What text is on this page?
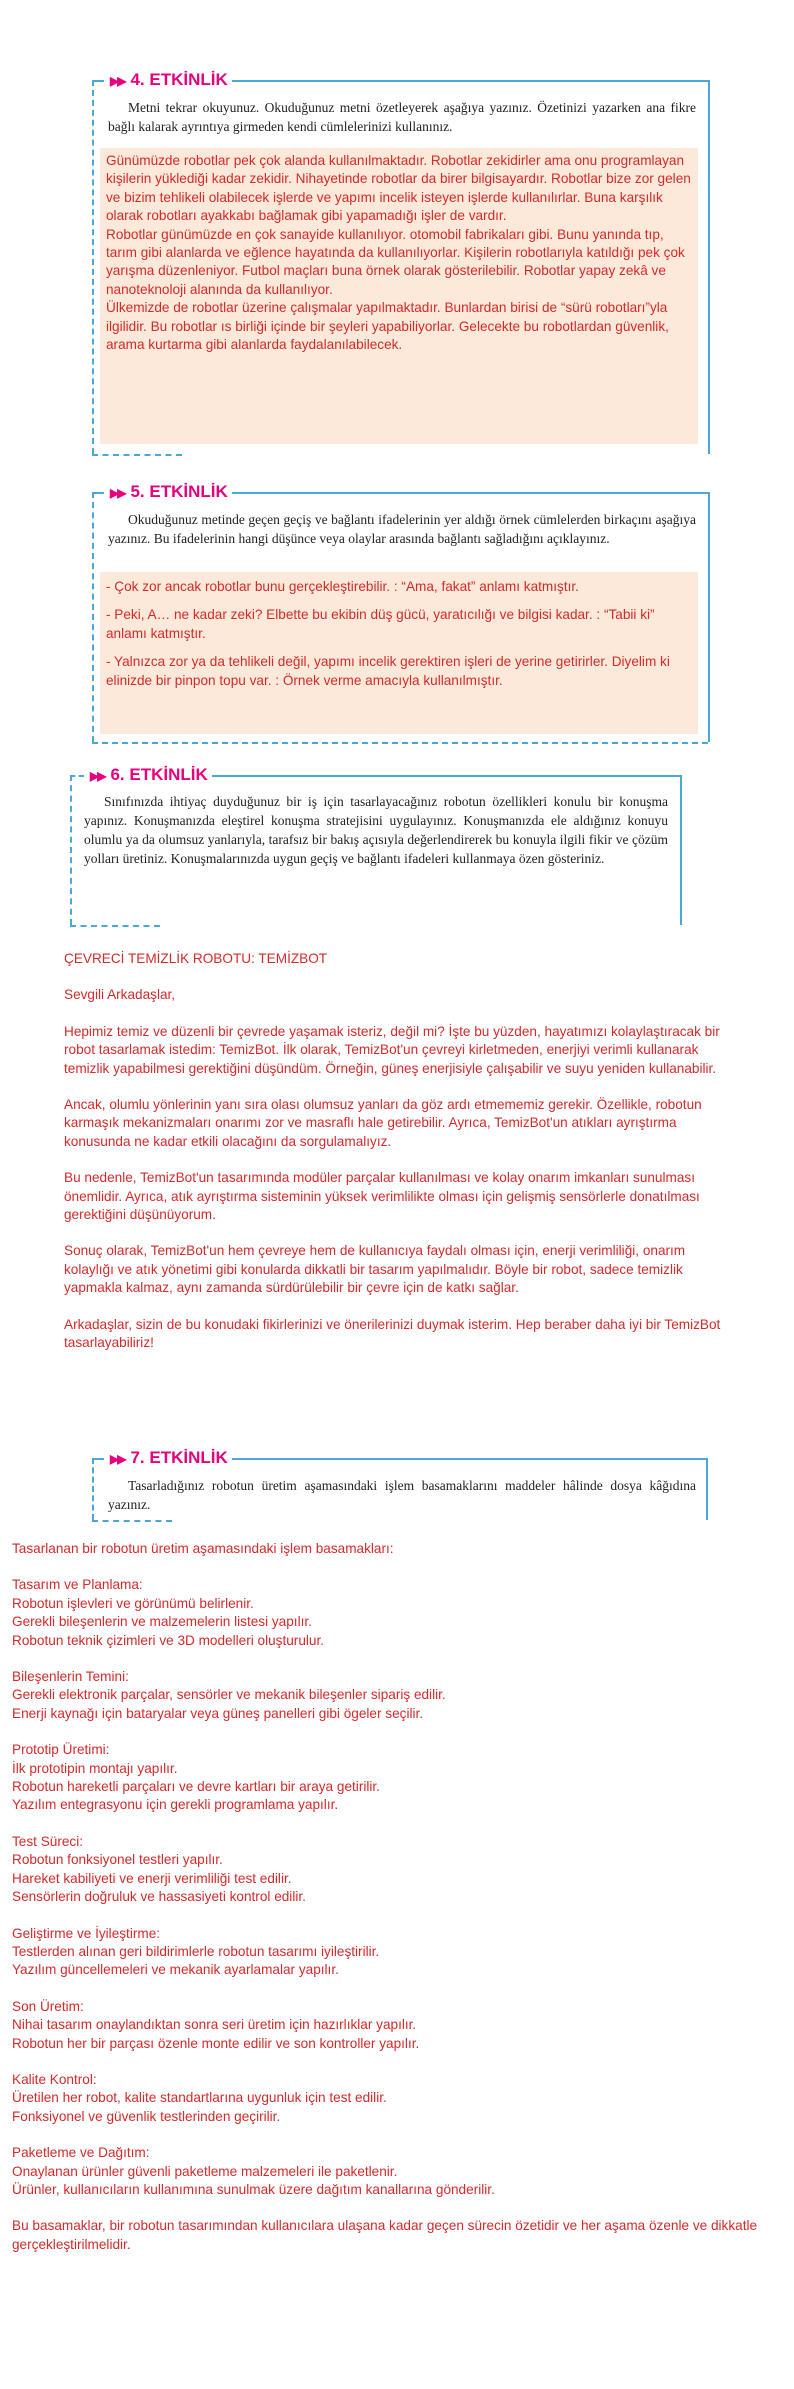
▶▶ 4. ETKİNLİK
Metni tekrar okuyunuz. Okuduğunuz metni özetleyerek aşağıya yazınız. Özetinizi yazarken ana fikre bağlı kalarak ayrıntıya girmeden kendi cümlelerinizi kullanınız.

Günümüzde robotlar pek çok alanda kullanılmaktadır. Robotlar zekidirler ama onu programlayan kişilerin yüklediği kadar zekidir. Nihayetinde robotlar da birer bilgisayardır. Robotlar bize zor gelen ve bizim tehlikeli olabilecek işlerde ve yapımı incelik isteyen işlerde kullanılırlar. Buna karşılık olarak robotları ayakkabı bağlamak gibi yapamadığı işler de vardır.

Robotlar günümüzde en çok sanayide kullanılıyor. otomobil fabrikaları gibi. Bunu yanında tıp, tarım gibi alanlarda ve eğlence hayatında da kullanılıyorlar. Kişilerin robotlarıyla katıldığı pek çok yarışma düzenleniyor. Futbol maçları buna örnek olarak gösterilebilir. Robotlar yapay zekâ ve nanoteknoloji alanında da kullanılıyor.

Ülkemizde de robotlar üzerine çalışmalar yapılmaktadır. Bunlardan birisi de “sürü robotları”yla ilgilidir. Bu robotlar ıs birliği içinde bir şeyleri yapabiliyorlar. Gelecekte bu robotlardan güvenlik, arama kurtarma gibi alanlarda faydalanılabilecek.

▶▶ 5. ETKİNLİK
Okuduğunuz metinde geçen geçiş ve bağlantı ifadelerinin yer aldığı örnek cümlelerden birkaçını aşağıya yazınız. Bu ifadelerinin hangi düşünce veya olaylar arasında bağlantı sağladığını açıklayınız.

- Çok zor ancak robotlar bunu gerçekleştirebilir. : “Ama, fakat” anlamı katmıştır.

- Peki, A… ne kadar zeki? Elbette bu ekibin düş gücü, yaratıcılığı ve bilgisi kadar. : “Tabii ki” anlamı katmıştır.

- Yalnızca zor ya da tehlikeli değil, yapımı incelik gerektiren işleri de yerine getirirler. Diyelim ki elinizde bir pinpon topu var. : Örnek verme amacıyla kullanılmıştır.

▶▶ 6. ETKİNLİK
Sınıfınızda ihtiyaç duyduğunuz bir iş için tasarlayacağınız robotun özellikleri konulu bir konuşma yapınız. Konuşmanızda eleştirel konuşma stratejisini uygulayınız. Konuşmanızda ele aldığınız konuyu olumlu ya da olumsuz yanlarıyla, tarafsız bir bakış açısıyla değerlendirerek bu konuyla ilgili fikir ve çözüm yolları üretiniz. Konuşmalarınızda uygun geçiş ve bağlantı ifadeleri kullanmaya özen gösteriniz.

ÇEVRECİ TEMİZLİK ROBOTU: TEMİZBOT

Sevgili Arkadaşlar,

Hepimiz temiz ve düzenli bir çevrede yaşamak isteriz, değil mi? İşte bu yüzden, hayatımızı kolaylaştıracak bir robot tasarlamak istedim: TemizBot. İlk olarak, TemizBot'un çevreyi kirletmeden, enerjiyi verimli kullanarak temizlik yapabilmesi gerektiğini düşündüm. Örneğin, güneş enerjisiyle çalışabilir ve suyu yeniden kullanabilir.

Ancak, olumlu yönlerinin yanı sıra olası olumsuz yanları da göz ardı etmememiz gerekir. Özellikle, robotun karmaşık mekanizmaları onarımı zor ve masraflı hale getirebilir. Ayrıca, TemizBot'un atıkları ayrıştırma konusunda ne kadar etkili olacağını da sorgulamalıyız.

Bu nedenle, TemizBot'un tasarımında modüler parçalar kullanılması ve kolay onarım imkanları sunulması önemlidir. Ayrıca, atık ayrıştırma sisteminin yüksek verimlilikte olması için gelişmiş sensörlerle donatılması gerektiğini düşünüyorum.

Sonuç olarak, TemizBot'un hem çevreye hem de kullanıcıya faydalı olması için, enerji verimliliği, onarım kolaylığı ve atık yönetimi gibi konularda dikkatli bir tasarım yapılmalıdır. Böyle bir robot, sadece temizlik yapmakla kalmaz, aynı zamanda sürdürülebilir bir çevre için de katkı sağlar.

Arkadaşlar, sizin de bu konudaki fikirlerinizi ve önerilerinizi duymak isterim. Hep beraber daha iyi bir TemizBot tasarlayabiliriz!

▶▶ 7. ETKİNLİK
Tasarladığınız robotun üretim aşamasındaki işlem basamaklarını maddeler hâlinde dosya kâğıdına yazınız.

Tasarlanan bir robotun üretim aşamasındaki işlem basamakları:

Tasarım ve Planlama:

Robotun işlevleri ve görünümü belirlenir.

Gerekli bileşenlerin ve malzemelerin listesi yapılır.

Robotun teknik çizimleri ve 3D modelleri oluşturulur.

Bileşenlerin Temini:

Gerekli elektronik parçalar, sensörler ve mekanik bileşenler sipariş edilir.

Enerji kaynağı için bataryalar veya güneş panelleri gibi ögeler seçilir.

Prototip Üretimi:

İlk prototipin montajı yapılır.

Robotun hareketli parçaları ve devre kartları bir araya getirilir.

Yazılım entegrasyonu için gerekli programlama yapılır.

Test Süreci:

Robotun fonksiyonel testleri yapılır.

Hareket kabiliyeti ve enerji verimliliği test edilir.

Sensörlerin doğruluk ve hassasiyeti kontrol edilir.

Geliştirme ve İyileştirme:

Testlerden alınan geri bildirimlerle robotun tasarımı iyileştirilir.

Yazılım güncellemeleri ve mekanik ayarlamalar yapılır.

Son Üretim:

Nihai tasarım onaylandıktan sonra seri üretim için hazırlıklar yapılır.

Robotun her bir parçası özenle monte edilir ve son kontroller yapılır.

Kalite Kontrol:

Üretilen her robot, kalite standartlarına uygunluk için test edilir.

Fonksiyonel ve güvenlik testlerinden geçirilir.

Paketleme ve Dağıtım:

Onaylanan ürünler güvenli paketleme malzemeleri ile paketlenir.

Ürünler, kullanıcıların kullanımına sunulmak üzere dağıtım kanallarına gönderilir.

Bu basamaklar, bir robotun tasarımından kullanıcılara ulaşana kadar geçen sürecin özetidir ve her aşama özenle ve dikkatle gerçekleştirilmelidir.
